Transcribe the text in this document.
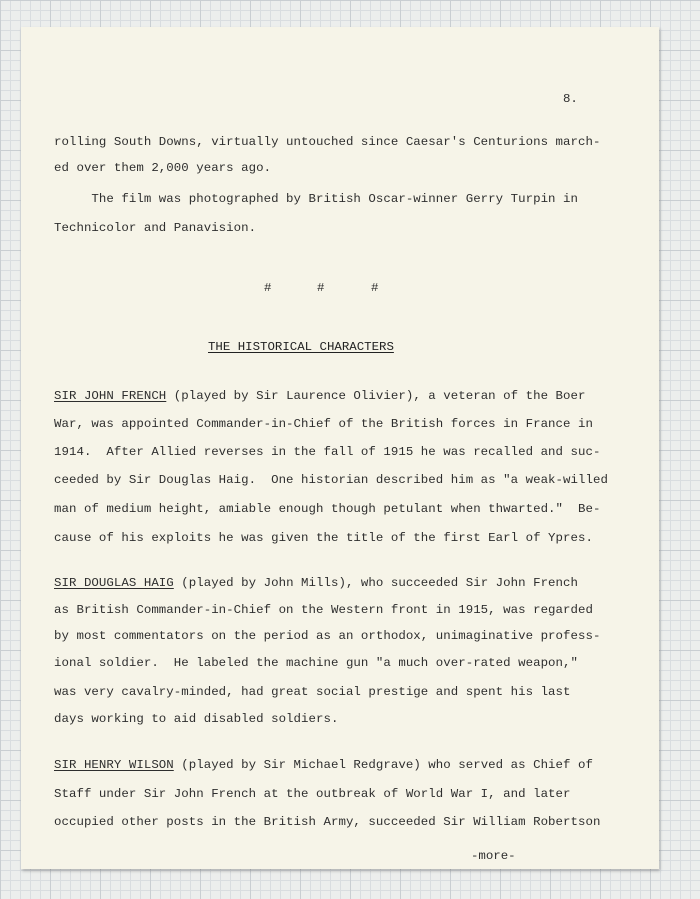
8.
rolling South Downs, virtually untouched since Caesar's Centurions march-
ed over them 2,000 years ago.
The film was photographed by British Oscar-winner Gerry Turpin in
Technicolor and Panavision.
#	#	#
THE HISTORICAL CHARACTERS
SIR JOHN FRENCH (played by Sir Laurence Olivier), a veteran of the Boer
War, was appointed Commander-in-Chief of the British forces in France in
1914.  After Allied reverses in the fall of 1915 he was recalled and suc-
ceeded by Sir Douglas Haig.  One historian described him as "a weak-willed
man of medium height, amiable enough though petulant when thwarted."  Be-
cause of his exploits he was given the title of the first Earl of Ypres.
SIR DOUGLAS HAIG (played by John Mills), who succeeded Sir John French
as British Commander-in-Chief on the Western front in 1915, was regarded
by most commentators on the period as an orthodox, unimaginative profess-
ional soldier.  He labeled the machine gun "a much over-rated weapon,"
was very cavalry-minded, had great social prestige and spent his last
days working to aid disabled soldiers.
SIR HENRY WILSON (played by Sir Michael Redgrave) who served as Chief of
Staff under Sir John French at the outbreak of World War I, and later
occupied other posts in the British Army, succeeded Sir William Robertson
-more-
